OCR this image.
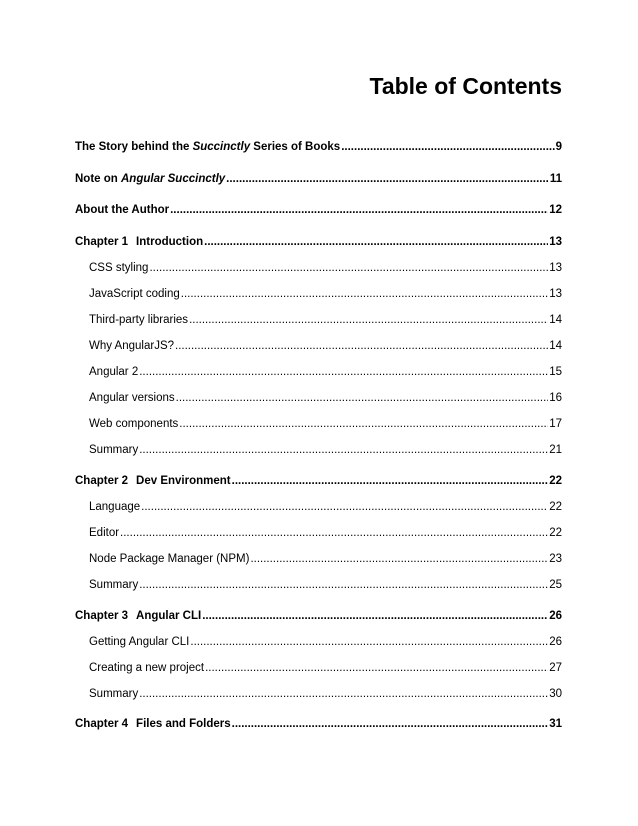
Table of Contents
The Story behind the Succinctly Series of Books .....	9
Note on Angular Succinctly .....	11
About the Author .....	12
Chapter 1 Introduction .....	13
CSS styling .....	13
JavaScript coding .....	13
Third-party libraries .....	14
Why AngularJS? .....	14
Angular 2 .....	15
Angular versions .....	16
Web components .....	17
Summary .....	21
Chapter 2 Dev Environment .....	22
Language .....	22
Editor .....	22
Node Package Manager (NPM) .....	23
Summary .....	25
Chapter 3 Angular CLI .....	26
Getting Angular CLI .....	26
Creating a new project .....	27
Summary .....	30
Chapter 4 Files and Folders .....	31
